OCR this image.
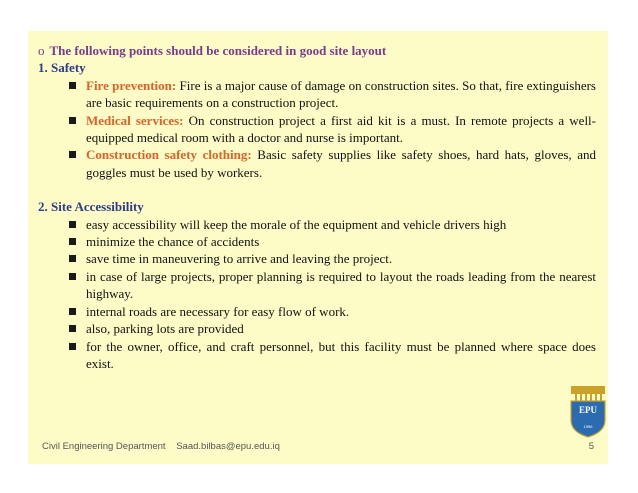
o The following points should be considered in good site layout
1. Safety
Fire prevention: Fire is a major cause of damage on construction sites. So that, fire extinguishers are basic requirements on a construction project.
Medical services: On construction project a first aid kit is a must. In remote projects a well-equipped medical room with a doctor and nurse is important.
Construction safety clothing: Basic safety supplies like safety shoes, hard hats, gloves, and goggles must be used by workers.
2. Site Accessibility
easy accessibility will keep the morale of the equipment and vehicle drivers high
minimize the chance of accidents
save time in maneuvering to arrive and leaving the project.
in case of large projects, proper planning is required to layout the roads leading from the nearest highway.
internal roads are necessary for easy flow of work.
also, parking lots are provided
for the owner, office, and craft personnel, but this facility must be planned where space does exist.
EPU
1996
Civil Engineering Department Saad.bilbas@epu.edu.iq	5
